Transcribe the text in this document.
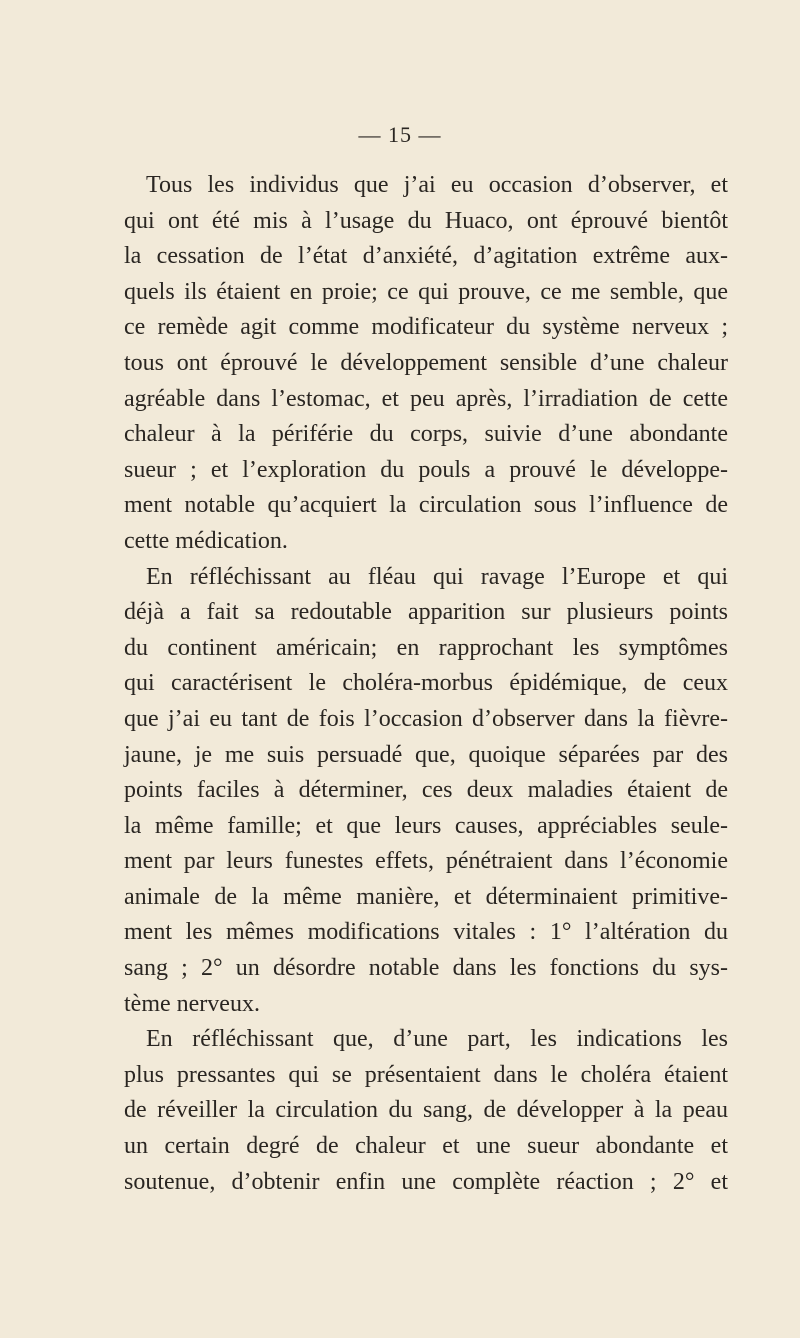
— 15 —
Tous les individus que j’ai eu occasion d’observer, et
qui ont été mis à l’usage du Huaco, ont éprouvé bientôt
la cessation de l’état d’anxiété, d’agitation extrême aux-
quels ils étaient en proie; ce qui prouve, ce me semble, que
ce remède agit comme modificateur du système nerveux ;
tous ont éprouvé le développement sensible d’une chaleur
agréable dans l’estomac, et peu après, l’irradiation de cette
chaleur à la périférie du corps, suivie d’une abondante
sueur ; et l’exploration du pouls a prouvé le développe-
ment notable qu’acquiert la circulation sous l’influence de
cette médication.
En réfléchissant au fléau qui ravage l’Europe et qui
déjà a fait sa redoutable apparition sur plusieurs points
du continent américain; en rapprochant les symptômes
qui caractérisent le choléra-morbus épidémique, de ceux
que j’ai eu tant de fois l’occasion d’observer dans la fièvre-
jaune, je me suis persuadé que, quoique séparées par des
points faciles à déterminer, ces deux maladies étaient de
la même famille; et que leurs causes, appréciables seule-
ment par leurs funestes effets, pénétraient dans l’économie
animale de la même manière, et déterminaient primitive-
ment les mêmes modifications vitales : 1° l’altération du
sang ; 2° un désordre notable dans les fonctions du sys-
tème nerveux.
En réfléchissant que, d’une part, les indications les
plus pressantes qui se présentaient dans le choléra étaient
de réveiller la circulation du sang, de développer à la peau
un certain degré de chaleur et une sueur abondante et
soutenue, d’obtenir enfin une complète réaction ; 2° et
